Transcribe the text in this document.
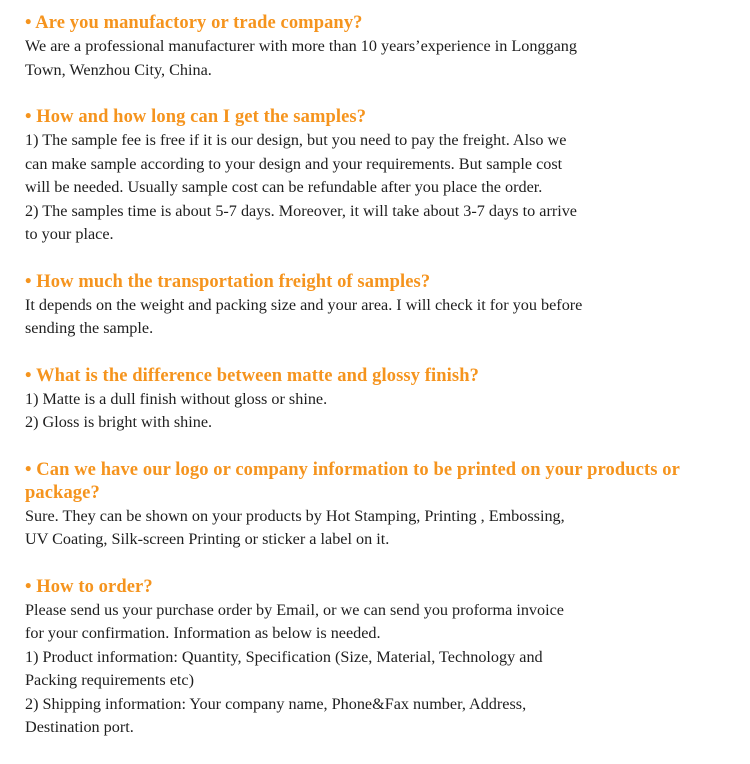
• Are you manufactory or trade company?

We are a professional manufacturer with more than 10 years’experience in Longgang
Town, Wenzhou City, China.

• How and how long can I get the samples?

1) The sample fee is free if it is our design, but you need to pay the freight. Also we
can make sample according to your design and your requirements. But sample cost
will be needed. Usually sample cost can be refundable after you place the order.
2) The samples time is about 5-7 days. Moreover, it will take about 3-7 days to arrive
to your place.

• How much the transportation freight of samples?

It depends on the weight and packing size and your area. I will check it for you before
sending the sample.

• What is the difference between matte and glossy finish?

1) Matte is a dull finish without gloss or shine.
2) Gloss is bright with shine.

• Can we have our logo or company information to be printed on your products or package?

Sure. They can be shown on your products by Hot Stamping, Printing , Embossing,
UV Coating, Silk-screen Printing or sticker a label on it.

• How to order?

Please send us your purchase order by Email, or we can send you proforma invoice
for your confirmation. Information as below is needed.
1) Product information: Quantity, Specification (Size, Material, Technology and
Packing requirements etc)
2) Shipping information: Your company name, Phone&Fax number, Address,
Destination port.
